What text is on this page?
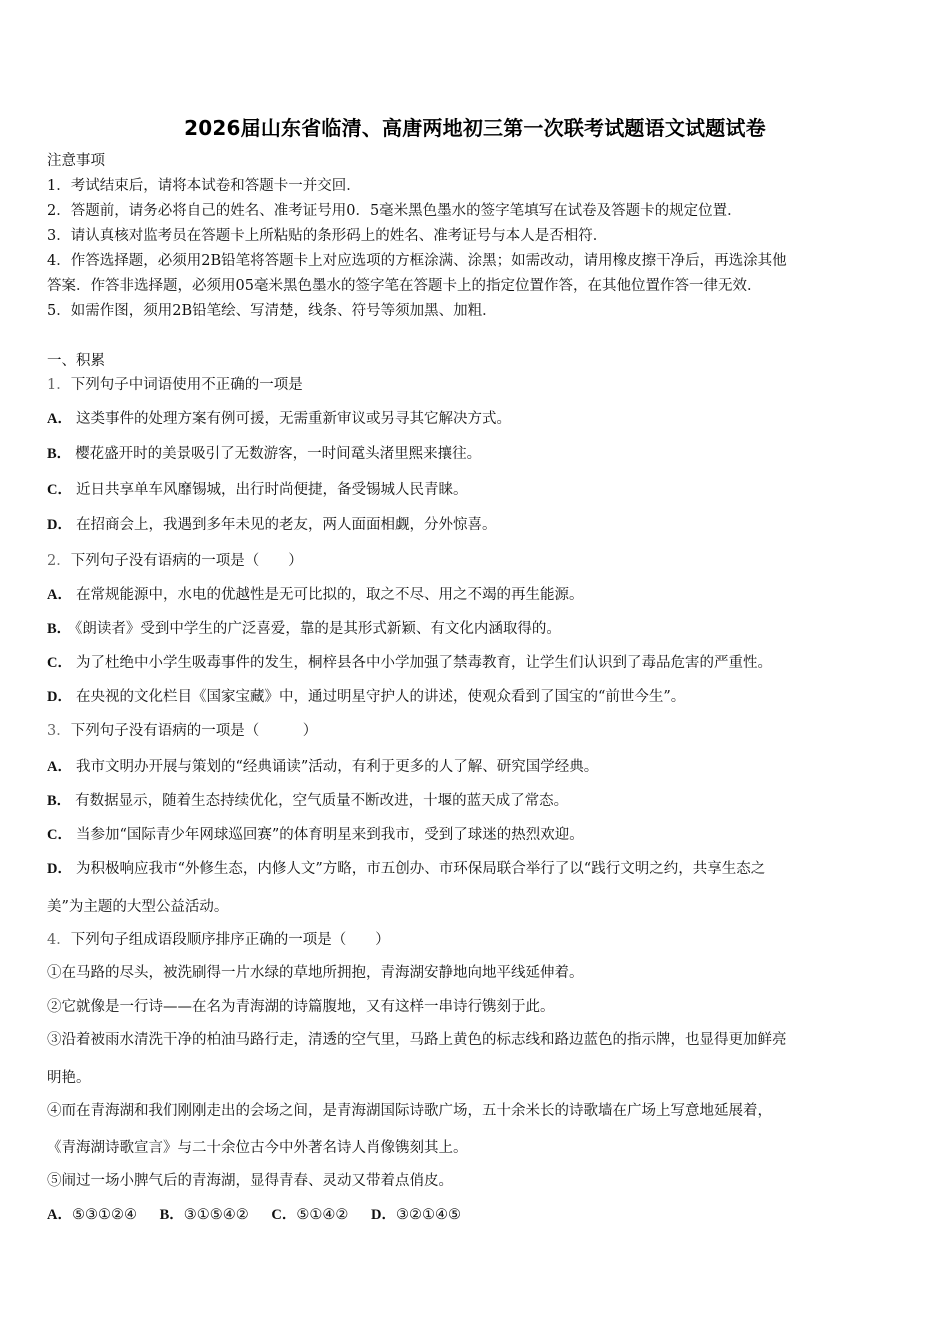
2026届山东省临清、高唐两地初三第一次联考试题语文试题试卷
注意事项
1．考试结束后，请将本试卷和答题卡一并交回．
2．答题前，请务必将自己的姓名、准考证号用0．5毫米黑色墨水的签字笔填写在试卷及答题卡的规定位置．
3．请认真核对监考员在答题卡上所粘贴的条形码上的姓名、准考证号与本人是否相符．
4．作答选择题，必须用2B铅笔将答题卡上对应选项的方框涂满、涂黑；如需改动，请用橡皮擦干净后，再选涂其他
答案．作答非选择题，必须用05毫米黑色墨水的签字笔在答题卡上的指定位置作答，在其他位置作答一律无效．
5．如需作图，须用2B铅笔绘、写清楚，线条、符号等须加黑、加粗．
一、积累
1．下列句子中词语使用不正确的一项是
A． 这类事件的处理方案有例可援，无需重新审议或另寻其它解决方式。
B． 樱花盛开时的美景吸引了无数游客，一时间鼋头渚里熙来攘往。
C． 近日共享单车风靡锡城，出行时尚便捷，备受锡城人民青睐。
D． 在招商会上，我遇到多年未见的老友，两人面面相觑，分外惊喜。
2．下列句子没有语病的一项是（　　）
A． 在常规能源中，水电的优越性是无可比拟的，取之不尽、用之不竭的再生能源。
B． 《朗读者》受到中学生的广泛喜爱，靠的是其形式新颖、有文化内涵取得的。
C． 为了杜绝中小学生吸毒事件的发生，桐梓县各中小学加强了禁毒教育，让学生们认识到了毒品危害的严重性。
D． 在央视的文化栏目《国家宝藏》中，通过明星守护人的讲述，使观众看到了国宝的“前世今生”。
3．下列句子没有语病的一项是（　　　）
A． 我市文明办开展与策划的“经典诵读”活动，有利于更多的人了解、研究国学经典。
B． 有数据显示，随着生态持续优化，空气质量不断改进，十堰的蓝天成了常态。
C． 当参加“国际青少年网球巡回赛”的体育明星来到我市，受到了球迷的热烈欢迎。
D． 为积极响应我市“外修生态，内修人文”方略，市五创办、市环保局联合举行了以“践行文明之约，共享生态之
美”为主题的大型公益活动。
4．下列句子组成语段顺序排序正确的一项是（　　）
①在马路的尽头，被洗刷得一片水绿的草地所拥抱，青海湖安静地向地平线延伸着。
②它就像是一行诗——在名为青海湖的诗篇腹地，又有这样一串诗行镌刻于此。
③沿着被雨水清洗干净的柏油马路行走，清透的空气里，马路上黄色的标志线和路边蓝色的指示牌，也显得更加鲜亮
明艳。
④而在青海湖和我们刚刚走出的会场之间，是青海湖国际诗歌广场，五十余米长的诗歌墙在广场上写意地延展着，
《青海湖诗歌宣言》与二十余位古今中外著名诗人肖像镌刻其上。
⑤闹过一场小脾气后的青海湖，显得青春、灵动又带着点俏皮。
A．⑤③①②④ B．③①⑤④② C．⑤①④② D．③②①④⑤
